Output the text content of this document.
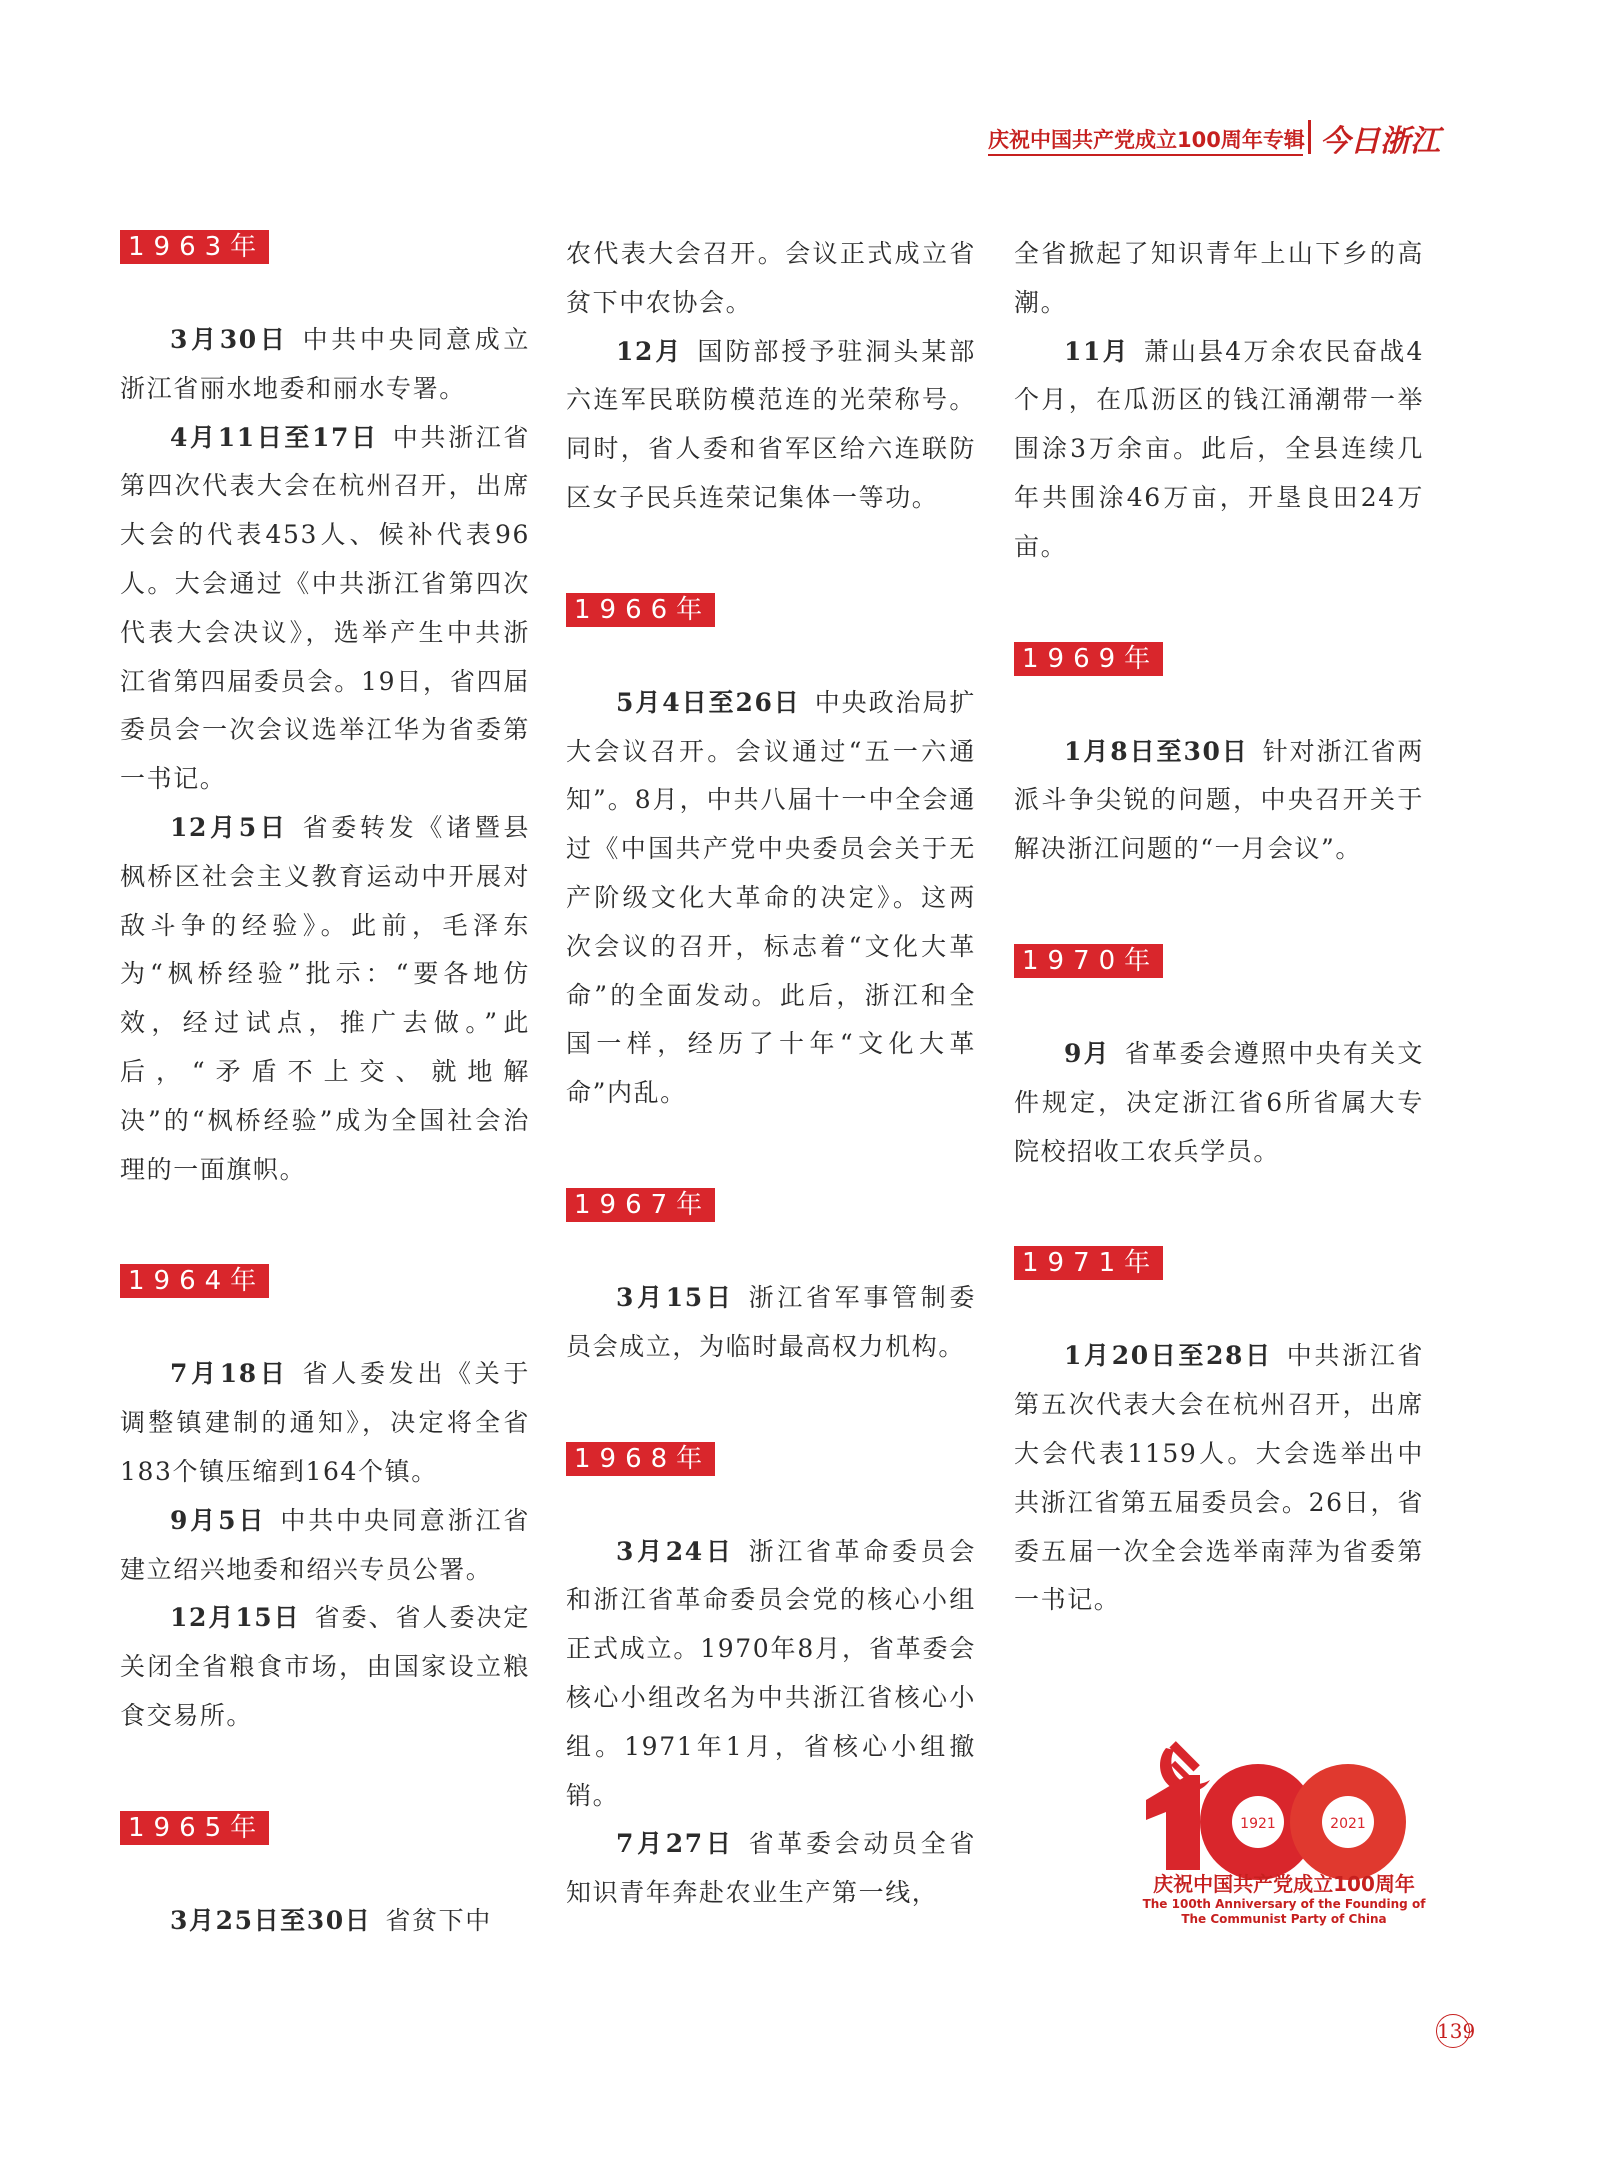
庆祝中国共产党成立100周年专辑 今日浙江
1963年

3月30日 中共中央同意成立浙江省丽水地委和丽水专署。

4月11日至17日 中共浙江省第四次代表大会在杭州召开，出席大会的代表453人、候补代表96人。大会通过《中共浙江省第四次代表大会决议》，选举产生中共浙江省第四届委员会。19日，省四届委员会一次会议选举江华为省委第一书记。

12月5日 省委转发《诸暨县枫桥区社会主义教育运动中开展对敌斗争的经验》。此前，毛泽东为“枫桥经验”批示：“要各地仿效，经过试点，推广去做。”此后，“矛盾不上交、就地解决”的“枫桥经验”成为全国社会治理的一面旗帜。

1964年

7月18日 省人委发出《关于调整镇建制的通知》，决定将全省183个镇压缩到164个镇。

9月5日 中共中央同意浙江省建立绍兴地委和绍兴专员公署。

12月15日 省委、省人委决定关闭全省粮食市场，由国家设立粮食交易所。

1965年

3月25日至30日 省贫下中

农代表大会召开。会议正式成立省贫下中农协会。

12月 国防部授予驻洞头某部六连军民联防模范连的光荣称号。同时，省人委和省军区给六连联防区女子民兵连荣记集体一等功。

1966年

5月4日至26日 中央政治局扩大会议召开。会议通过“五一六通知”。8月，中共八届十一中全会通过《中国共产党中央委员会关于无产阶级文化大革命的决定》。这两次会议的召开，标志着“文化大革命”的全面发动。此后，浙江和全国一样，经历了十年“文化大革命”内乱。

1967年

3月15日 浙江省军事管制委员会成立，为临时最高权力机构。

1968年

3月24日 浙江省革命委员会和浙江省革命委员会党的核心小组正式成立。1970年8月，省革委会核心小组改名为中共浙江省核心小组。1971年1月，省核心小组撤销。

7月27日 省革委会动员全省知识青年奔赴农业生产第一线，

全省掀起了知识青年上山下乡的高潮。

11月 萧山县4万余农民奋战4个月，在瓜沥区的钱江涌潮带一举围涂3万余亩。此后，全县连续几年共围涂46万亩，开垦良田24万亩。

1969年

1月8日至30日 针对浙江省两派斗争尖锐的问题，中央召开关于解决浙江问题的“一月会议”。

1970年

9月 省革委会遵照中央有关文件规定，决定浙江省6所省属大专院校招收工农兵学员。

1971年

1月20日至28日 中共浙江省第五次代表大会在杭州召开，出席大会代表1159人。大会选举出中共浙江省第五届委员会。26日，省委五届一次全会选举南萍为省委第一书记。

1921	2021
庆祝中国共产党成立100周年
The 100th Anniversary of the Founding of
The Communist Party of China
139
